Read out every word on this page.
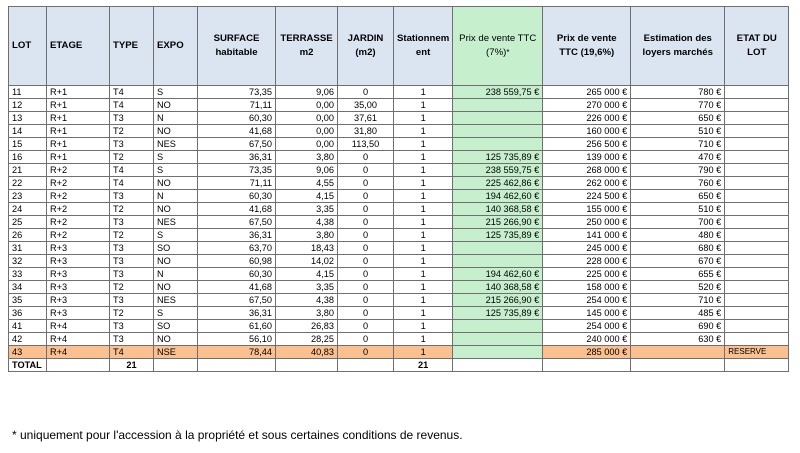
LOT	ETAGE	TYPE	EXPO	SURFACE habitable	TERRASSE m2	JARDIN (m2)	Stationnem ent	Prix de vente TTC (7%)*	Prix de vente TTC (19,6%)	Estimation des loyers marchés	ETAT DU LOT
11	R+1	T4	S	73,35	9,06	0	1	238 559,75 €	265 000 €	780 €	
12	R+1	T4	NO	71,11	0,00	35,00	1		270 000 €	770 €	
13	R+1	T3	N	60,30	0,00	37,61	1		226 000 €	650 €	
14	R+1	T2	NO	41,68	0,00	31,80	1		160 000 €	510 €	
15	R+1	T3	NES	67,50	0,00	113,50	1		256 500 €	710 €	
16	R+1	T2	S	36,31	3,80	0	1	125 735,89 €	139 000 €	470 €	
21	R+2	T4	S	73,35	9,06	0	1	238 559,75 €	268 000 €	790 €	
22	R+2	T4	NO	71,11	4,55	0	1	225 462,86 €	262 000 €	760 €	
23	R+2	T3	N	60,30	4,15	0	1	194 462,60 €	224 500 €	650 €	
24	R+2	T2	NO	41,68	3,35	0	1	140 368,58 €	155 000 €	510 €	
25	R+2	T3	NES	67,50	4,38	0	1	215 266,90 €	250 000 €	700 €	
26	R+2	T2	S	36,31	3,80	0	1	125 735,89 €	141 000 €	480 €	
31	R+3	T3	SO	63,70	18,43	0	1		245 000 €	680 €	
32	R+3	T3	NO	60,98	14,02	0	1		228 000 €	670 €	
33	R+3	T3	N	60,30	4,15	0	1	194 462,60 €	225 000 €	655 €	
34	R+3	T2	NO	41,68	3,35	0	1	140 368,58 €	158 000 €	520 €	
35	R+3	T3	NES	67,50	4,38	0	1	215 266,90 €	254 000 €	710 €	
36	R+3	T2	S	36,31	3,80	0	1	125 735,89 €	145 000 €	485 €	
41	R+4	T3	SO	61,60	26,83	0	1		254 000 €	690 €	
42	R+4	T3	NO	56,10	28,25	0	1		240 000 €	630 €	
43	R+4	T4	NSE	78,44	40,83	0	1		285 000 €		RESERVE
TOTAL		21					21				
* uniquement pour l'accession à la propriété et sous certaines conditions de revenus.
